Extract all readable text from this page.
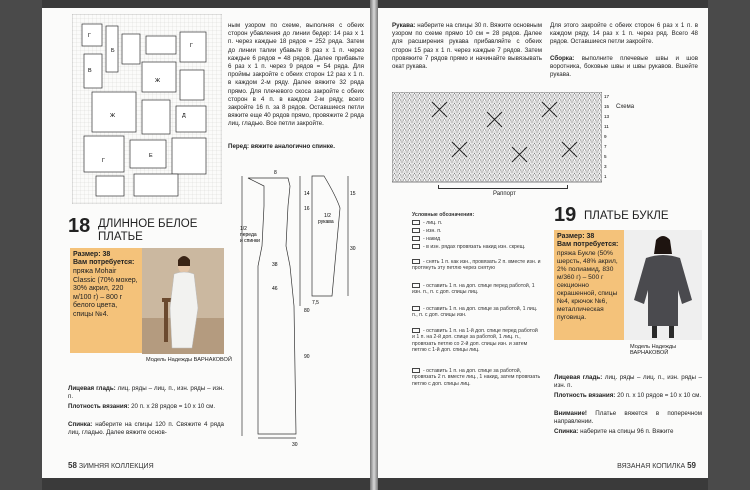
Г
Б
Г
Ж
В
Д
Ж
Е
Г
ным узором по схеме, выполняя с обеих сторон убавления до линии бедер: 14 раз х 1 п. через каждые 18 рядов = 252 ряда. Затем до линии талии убавьте 8 раз х 1 п. через каждые 6 рядов = 48 рядов. Далее прибавьте 6 раз х 1 п. через 9 рядов = 54 ряда. Для проймы закройте с обеих сторон 12 раз х 1 п. в каждом 2-м ряду. Далее вяжите 32 ряда прямо. Для плечевого скоса закройте с обеих сторон в 4 п. в каждом 2-м ряду, всего закройте 16 п. за 8 рядов. Оставшиеся петли вяжите еще 40 рядов прямо, провяжите 2 ряда лиц. гладью. Все петли закройте.
Перед: вяжите аналогично спинке.
18 ДЛИННОЕ БЕЛОЕ
ПЛАТЬЕ
Размер: 38
Вам потребуется:
пряжа Mohair Classic (70% мохер, 30% акрил, 220 м/100 г) – 800 г белого цвета, спицы №4.
Модель Надежды ВАРНАКОВОЙ
Лицевая гладь: лиц. ряды – лиц. п., изн. ряды – изн. п.
Плотность вязания: 20 п. х 28 рядов = 10 х 10 см.
Спинка: наберите на спицы 120 п. Свяжите 4 ряда лиц. гладью. Далее вяжите основ-
1/2
переда
и спинки
1/2
рукава
8
14
16
38
46
15
30
7,5
80
90
30
58 ЗИМНЯЯ КОЛЛЕКЦИЯ
Рукава: наберите на спицы 30 п. Вяжите основным узором по схеме прямо 10 см = 28 рядов. Далее для расширения рукава прибавляйте с обеих сторон 15 раз х 1 п. через каждые 7 рядов. Затем провяжите 7 рядов прямо и начинайте вывязывать окат рукава.
Для этого закройте с обеих сторон 6 раз х 1 п. в каждом ряду, 14 раз х 1 п. через ряд. Всего 48 рядов. Оставшиеся петли закройте.
Сборка: выполните плечевые швы и шов воротника, боковые швы и швы рукавов. Вшейте рукава.
Схема
17
15
13
11
9
7
5
3
1
Раппорт
Условные обозначения:
- лиц. п.
- изн. п.
- накид
- в изн. рядах провязать накид изн. скрещ.
- снять 1 п. как изн., провязать 2 п. вместе изн. и протянуть эту петлю через снятую
- оставить 1 п. на доп. спице перед работой, 1 изн. п., п. с доп. спицы лиц.
- оставить 1 п. на доп. спице за работой, 1 лиц. п., п. с доп. спицы изн.
- оставить 1 п. на 1-й доп. спице перед работой и 1 п. на 2-й доп. спице за работой, 1 лиц. п., провязать петлю со 2-й доп. спицы изн. и затем петлю с 1-й доп. спицы лиц.
- оставить 1 п. на доп. спице за работой, провязать 2 п. вместе лиц., 1 накид, затем провязать петлю с доп. спицы лиц.
19 ПЛАТЬЕ БУКЛЕ
Размер: 38
Вам потребуется:
пряжа Букле (50% шерсть, 48% акрил, 2% полиамид, 830 м/360 г) – 500 г секционно окрашенной, спицы №4, крючок №6, металлическая пуговица.
Модель Надежды ВАРНАКОВОЙ
Лицевая гладь: лиц. ряды – лиц. п., изн. ряды – изн. п.
Плотность вязания: 20 п. х 10 рядов = 10 х 10 см.
Внимание! Платье вяжется в поперечном направлении.
Спинка: наберите на спицы 96 п. Вяжите
ВЯЗАНАЯ КОПИЛКА 59
